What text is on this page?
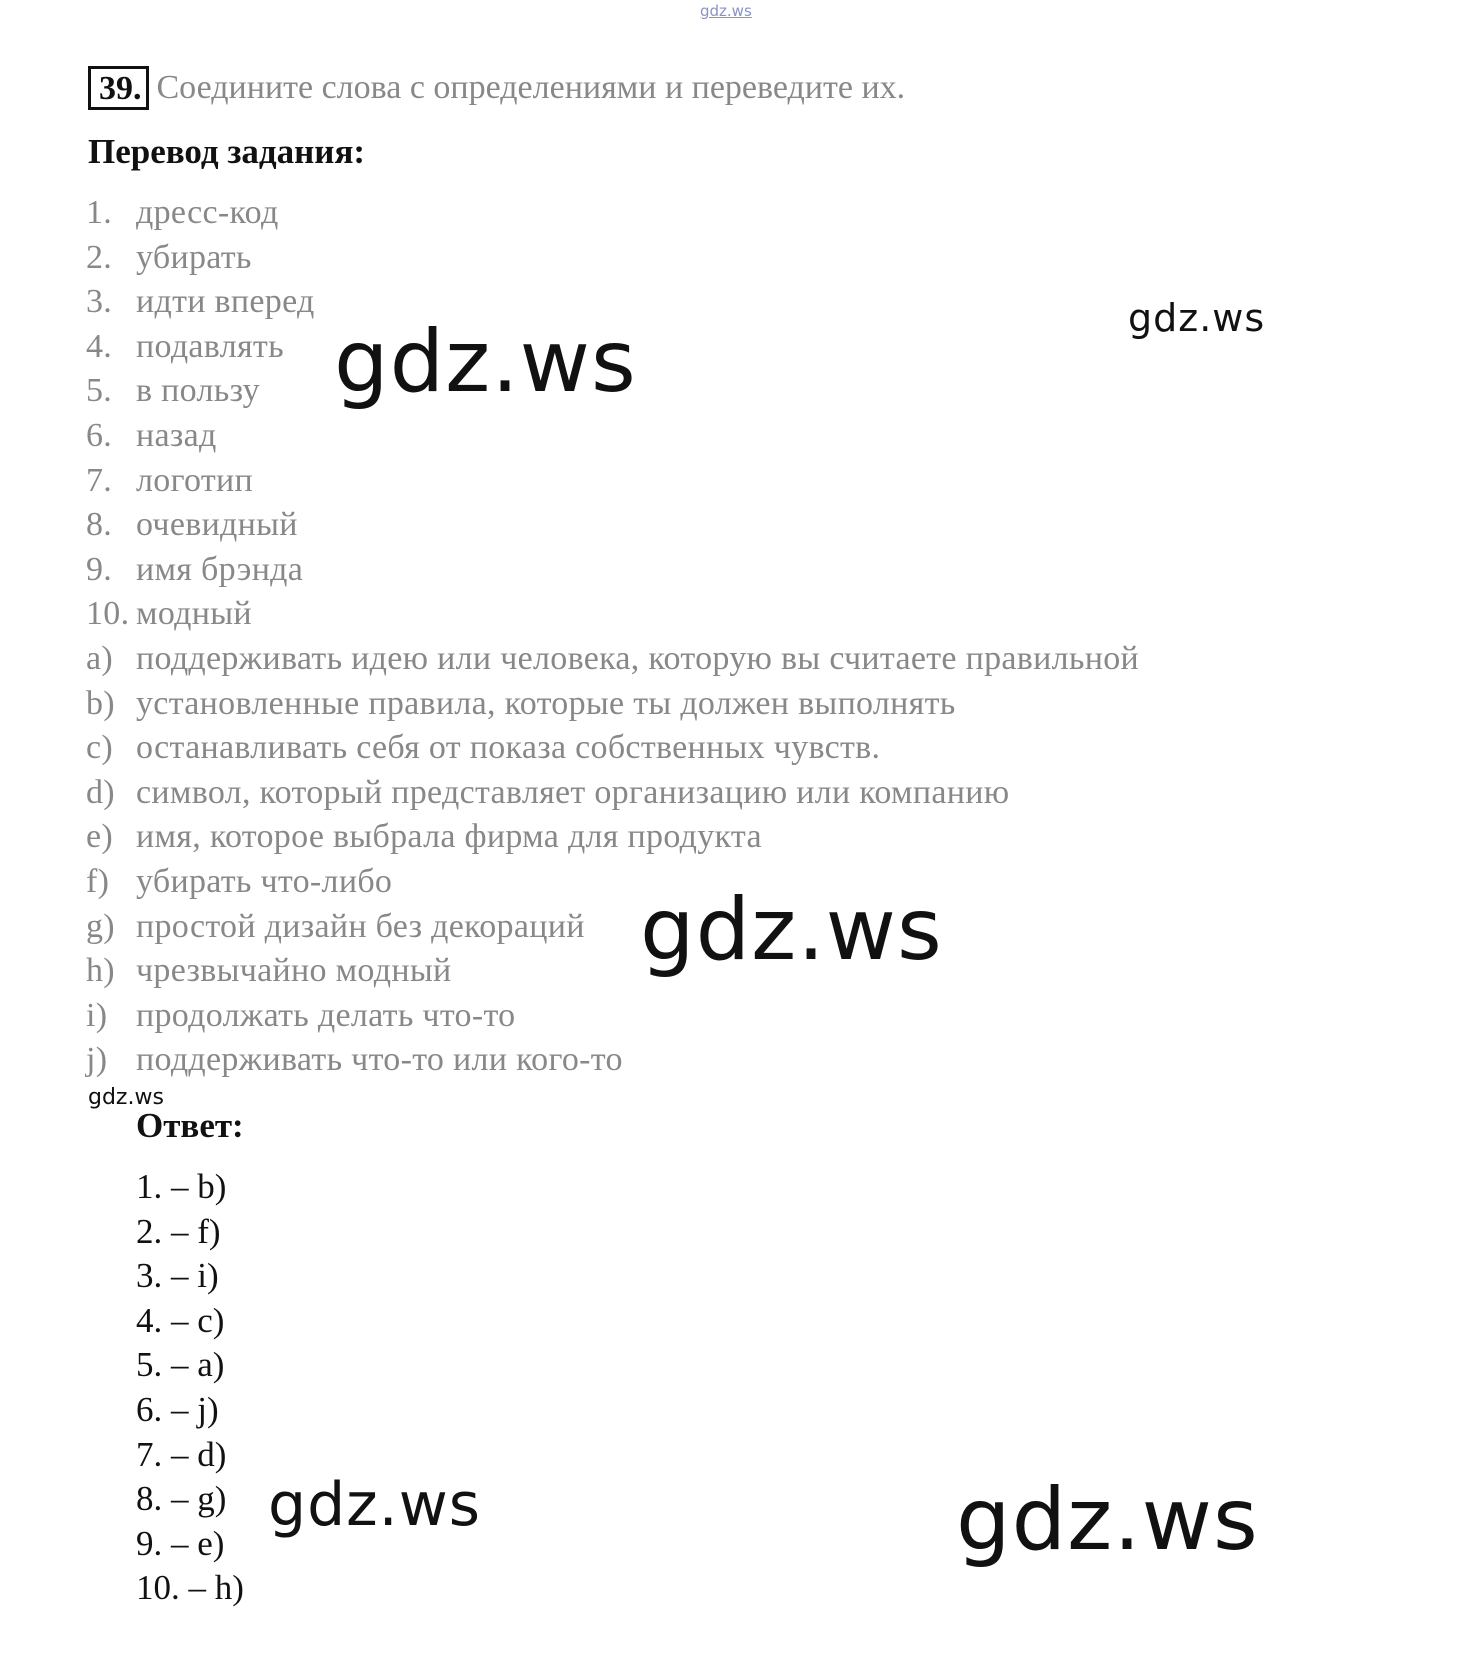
gdz.ws
39. Соедините слова с определениями и переведите их.
Перевод задания:
1. дресс-код
2. убирать
3. идти вперед
4. подавлять
5. в пользу
6. назад
7. логотип
8. очевидный
9. имя брэнда
10. модный
a) поддерживать идею или человека, которую вы считаете правильной
b) установленные правила, которые ты должен выполнять
c) останавливать себя от показа собственных чувств.
d) символ, который представляет организацию или компанию
e) имя, которое выбрала фирма для продукта
f) убирать что-либо
g) простой дизайн без декораций
h) чрезвычайно модный
i) продолжать делать что-то
j) поддерживать что-то или кого-то
Ответ:
1. – b)
2. – f)
3. – i)
4. – c)
5. – a)
6. – j)
7. – d)
8. – g)
9. – e)
10. – h)
gdz.ws
gdz.ws
gdz.ws
gdz.ws
gdz.ws	gdz.ws
